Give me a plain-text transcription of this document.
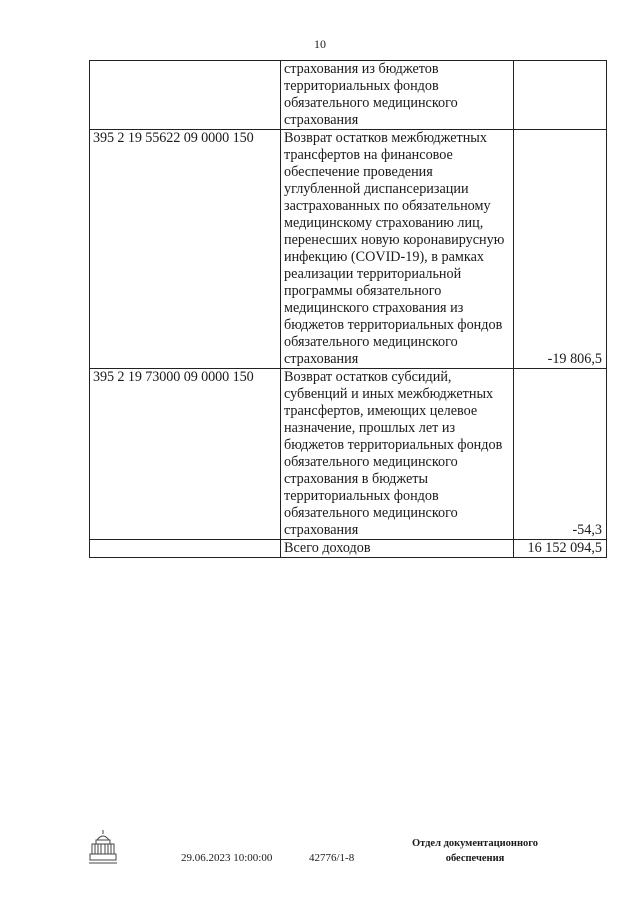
10
	страхования из бюджетов территориальных фондов обязательного медицинского страхования	
395 2 19 55622 09 0000 150	Возврат остатков межбюджетных трансфертов на финансовое обеспечение проведения углубленной диспансеризации застрахованных по обязательному медицинскому страхованию лиц, перенесших новую коронавирусную инфекцию (COVID-19), в рамках реализации территориальной программы обязательного медицинского страхования из бюджетов территориальных фондов обязательного медицинского страхования	-19 806,5
395 2 19 73000 09 0000 150	Возврат остатков субсидий, субвенций и иных межбюджетных трансфертов, имеющих целевое назначение, прошлых лет из бюджетов территориальных фондов обязательного медицинского страхования в бюджеты территориальных фондов обязательного медицинского страхования	-54,3
	Всего доходов	16 152 094,5
29.06.2023 10:00:00	42776/1-8
Отдел документационного
обеспечения
